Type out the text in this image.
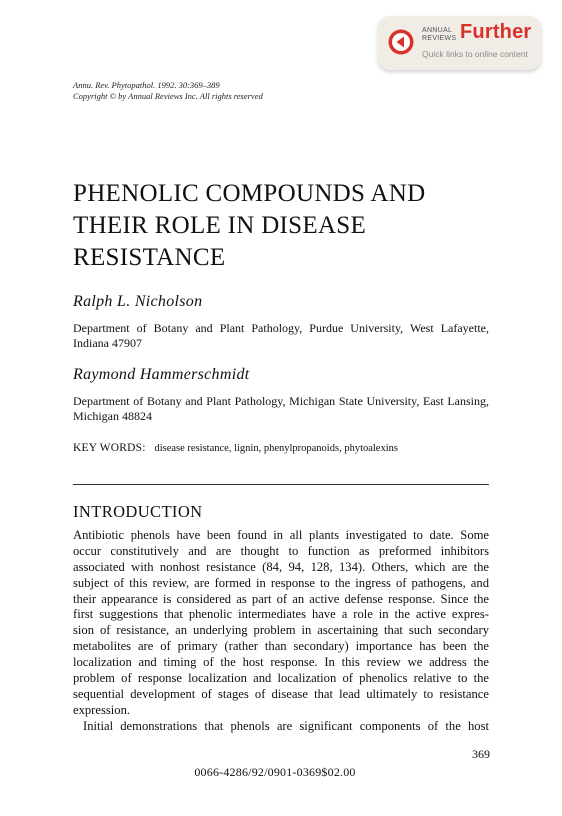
ANNUAL
REVIEWS Further
Quick links to online content
Annu. Rev. Phytopathol. 1992. 30:369–389
Copyright © by Annual Reviews Inc. All rights reserved
PHENOLIC COMPOUNDS AND
THEIR ROLE IN DISEASE
RESISTANCE
Ralph L. Nicholson
Department of Botany and Plant Pathology, Purdue University, West Lafayette, Indiana 47907
Raymond Hammerschmidt
Department of Botany and Plant Pathology, Michigan State University, East Lansing, Michigan 48824
KEY WORDS: disease resistance, lignin, phenylpropanoids, phytoalexins
INTRODUCTION
Antibiotic phenols have been found in all plants investigated to date. Some
occur constitutively and are thought to function as preformed inhibitors
associated with nonhost resistance (84, 94, 128, 134). Others, which are the
subject of this review, are formed in response to the ingress of pathogens, and
their appearance is considered as part of an active defense response. Since the
first suggestions that phenolic intermediates have a role in the active expres-
sion of resistance, an underlying problem in ascertaining that such secondary
metabolites are of primary (rather than secondary) importance has been the
localization and timing of the host response. In this review we address the
problem of response localization and localization of phenolics relative to the
sequential development of stages of disease that lead ultimately to resistance
expression.
Initial demonstrations that phenols are significant components of the host
369
0066-4286/92/0901-0369$02.00
